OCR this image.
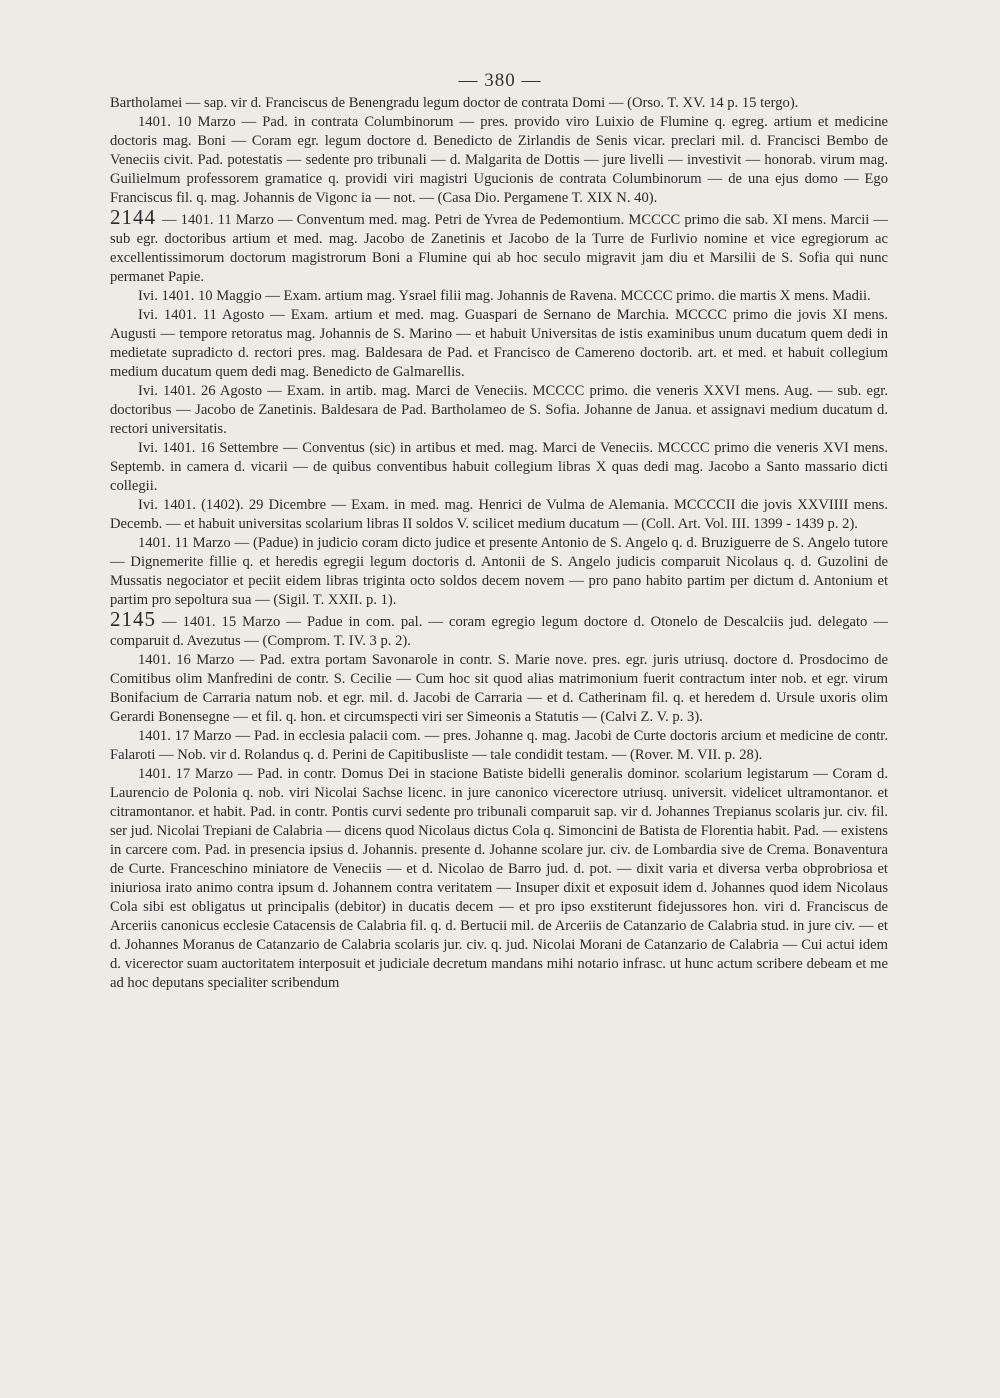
— 380 —

Bartholamei — sap. vir d. Franciscus de Benengradu legum doctor de contrata Domi — (Orso. T. XV. 14 p. 15 tergo).

1401. 10 Marzo — Pad. in contrata Columbinorum — pres. provido viro Luixio de Flumine q. egreg. artium et medicine doctoris mag. Boni — Coram egr. legum doctore d. Benedicto de Zirlandis de Senis vicar. preclari mil. d. Francisci Bembo de Veneciis civit. Pad. potestatis — sedente pro tribunali — d. Malgarita de Dottis — jure livelli — investivit — honorab. virum mag. Guilielmum professorem gramatice q. providi viri magistri Ugucionis de contrata Columbinorum — de una ejus domo — Ego Franciscus fil. q. mag. Johannis de Vigonc ia — not. — (Casa Dio. Pergamene T. XIX N. 40).

2144 — 1401. 11 Marzo — Conventum med. mag. Petri de Yvrea de Pedemontium. MCCCC primo die sab. XI mens. Marcii — sub egr. doctoribus artium et med. mag. Jacobo de Zanetinis et Jacobo de la Turre de Furlivio nomine et vice egregiorum ac excellentissimorum doctorum magistrorum Boni a Flumine qui ab hoc seculo migravit jam diu et Marsilii de S. Sofia qui nunc permanet Papie.

Ivi. 1401. 10 Maggio — Exam. artium mag. Ysrael filii mag. Johannis de Ravena. MCCCC primo. die martis X mens. Madii.

Ivi. 1401. 11 Agosto — Exam. artium et med. mag. Guaspari de Sernano de Marchia. MCCCC primo die jovis XI mens. Augusti — tempore retoratus mag. Johannis de S. Marino — et habuit Universitas de istis examinibus unum ducatum quem dedi in medietate supradicto d. rectori pres. mag. Baldesara de Pad. et Francisco de Camereno doctorib. art. et med. et habuit collegium medium ducatum quem dedi mag. Benedicto de Galmarellis.

Ivi. 1401. 26 Agosto — Exam. in artib. mag. Marci de Veneciis. MCCCC primo. die veneris XXVI mens. Aug. — sub. egr. doctoribus — Jacobo de Zanetinis. Baldesara de Pad. Bartholameo de S. Sofia. Johanne de Janua. et assignavi medium ducatum d. rectori universitatis.

Ivi. 1401. 16 Settembre — Conventus (sic) in artibus et med. mag. Marci de Veneciis. MCCCC primo die veneris XVI mens. Septemb. in camera d. vicarii — de quibus conventibus habuit collegium libras X quas dedi mag. Jacobo a Santo massario dicti collegii.

Ivi. 1401. (1402). 29 Dicembre — Exam. in med. mag. Henrici de Vulma de Alemania. MCCCCII die jovis XXVIIII mens. Decemb. — et habuit universitas scolarium libras II soldos V. scilicet medium ducatum — (Coll. Art. Vol. III. 1399 - 1439 p. 2).

1401. 11 Marzo — (Padue) in judicio coram dicto judice et presente Antonio de S. Angelo q. d. Bruziguerre de S. Angelo tutore — Dignemerite fillie q. et heredis egregii legum doctoris d. Antonii de S. Angelo judicis comparuit Nicolaus q. d. Guzolini de Mussatis negociator et peciit eidem libras triginta octo soldos decem novem — pro pano habito partim per dictum d. Antonium et partim pro sepoltura sua — (Sigil. T. XXII. p. 1).

2145 — 1401. 15 Marzo — Padue in com. pal. — coram egregio legum doctore d. Otonelo de Descalciis jud. delegato — comparuit d. Avezutus — (Comprom. T. IV. 3 p. 2).

1401. 16 Marzo — Pad. extra portam Savonarole in contr. S. Marie nove. pres. egr. juris utriusq. doctore d. Prosdocimo de Comitibus olim Manfredini de contr. S. Cecilie — Cum hoc sit quod alias matrimonium fuerit contractum inter nob. et egr. virum Bonifacium de Carraria natum nob. et egr. mil. d. Jacobi de Carraria — et d. Catherinam fil. q. et heredem d. Ursule uxoris olim Gerardi Bonensegne — et fil. q. hon. et circumspecti viri ser Simeonis a Statutis — (Calvi Z. V. p. 3).

1401. 17 Marzo — Pad. in ecclesia palacii com. — pres. Johanne q. mag. Jacobi de Curte doctoris arcium et medicine de contr. Falaroti — Nob. vir d. Rolandus q. d. Perini de Capitibusliste — tale condidit testam. — (Rover. M. VII. p. 28).

1401. 17 Marzo — Pad. in contr. Domus Dei in stacione Batiste bidelli generalis dominor. scolarium legistarum — Coram d. Laurencio de Polonia q. nob. viri Nicolai Sachse licenc. in jure canonico vicerectore utriusq. universit. videlicet ultramontanor. et citramontanor. et habit. Pad. in contr. Pontis curvi sedente pro tribunali comparuit sap. vir d. Johannes Trepianus scolaris jur. civ. fil. ser jud. Nicolai Trepiani de Calabria — dicens quod Nicolaus dictus Cola q. Simoncini de Batista de Florentia habit. Pad. — existens in carcere com. Pad. in presencia ipsius d. Johannis. presente d. Johanne scolare jur. civ. de Lombardia sive de Crema. Bonaventura de Curte. Franceschino miniatore de Veneciis — et d. Nicolao de Barro jud. d. pot. — dixit varia et diversa verba obprobriosa et iniuriosa irato animo contra ipsum d. Johannem contra veritatem — Insuper dixit et exposuit idem d. Johannes quod idem Nicolaus Cola sibi est obligatus ut principalis (debitor) in ducatis decem — et pro ipso exstiterunt fidejussores hon. viri d. Franciscus de Arceriis canonicus ecclesie Catacensis de Calabria fil. q. d. Bertucii mil. de Arceriis de Catanzario de Calabria stud. in jure civ. — et d. Johannes Moranus de Catanzario de Calabria scolaris jur. civ. q. jud. Nicolai Morani de Catanzario de Calabria — Cui actui idem d. vicerector suam auctoritatem interposuit et judiciale decretum mandans mihi notario infrasc. ut hunc actum scribere debeam et me ad hoc deputans specialiter scribendum
